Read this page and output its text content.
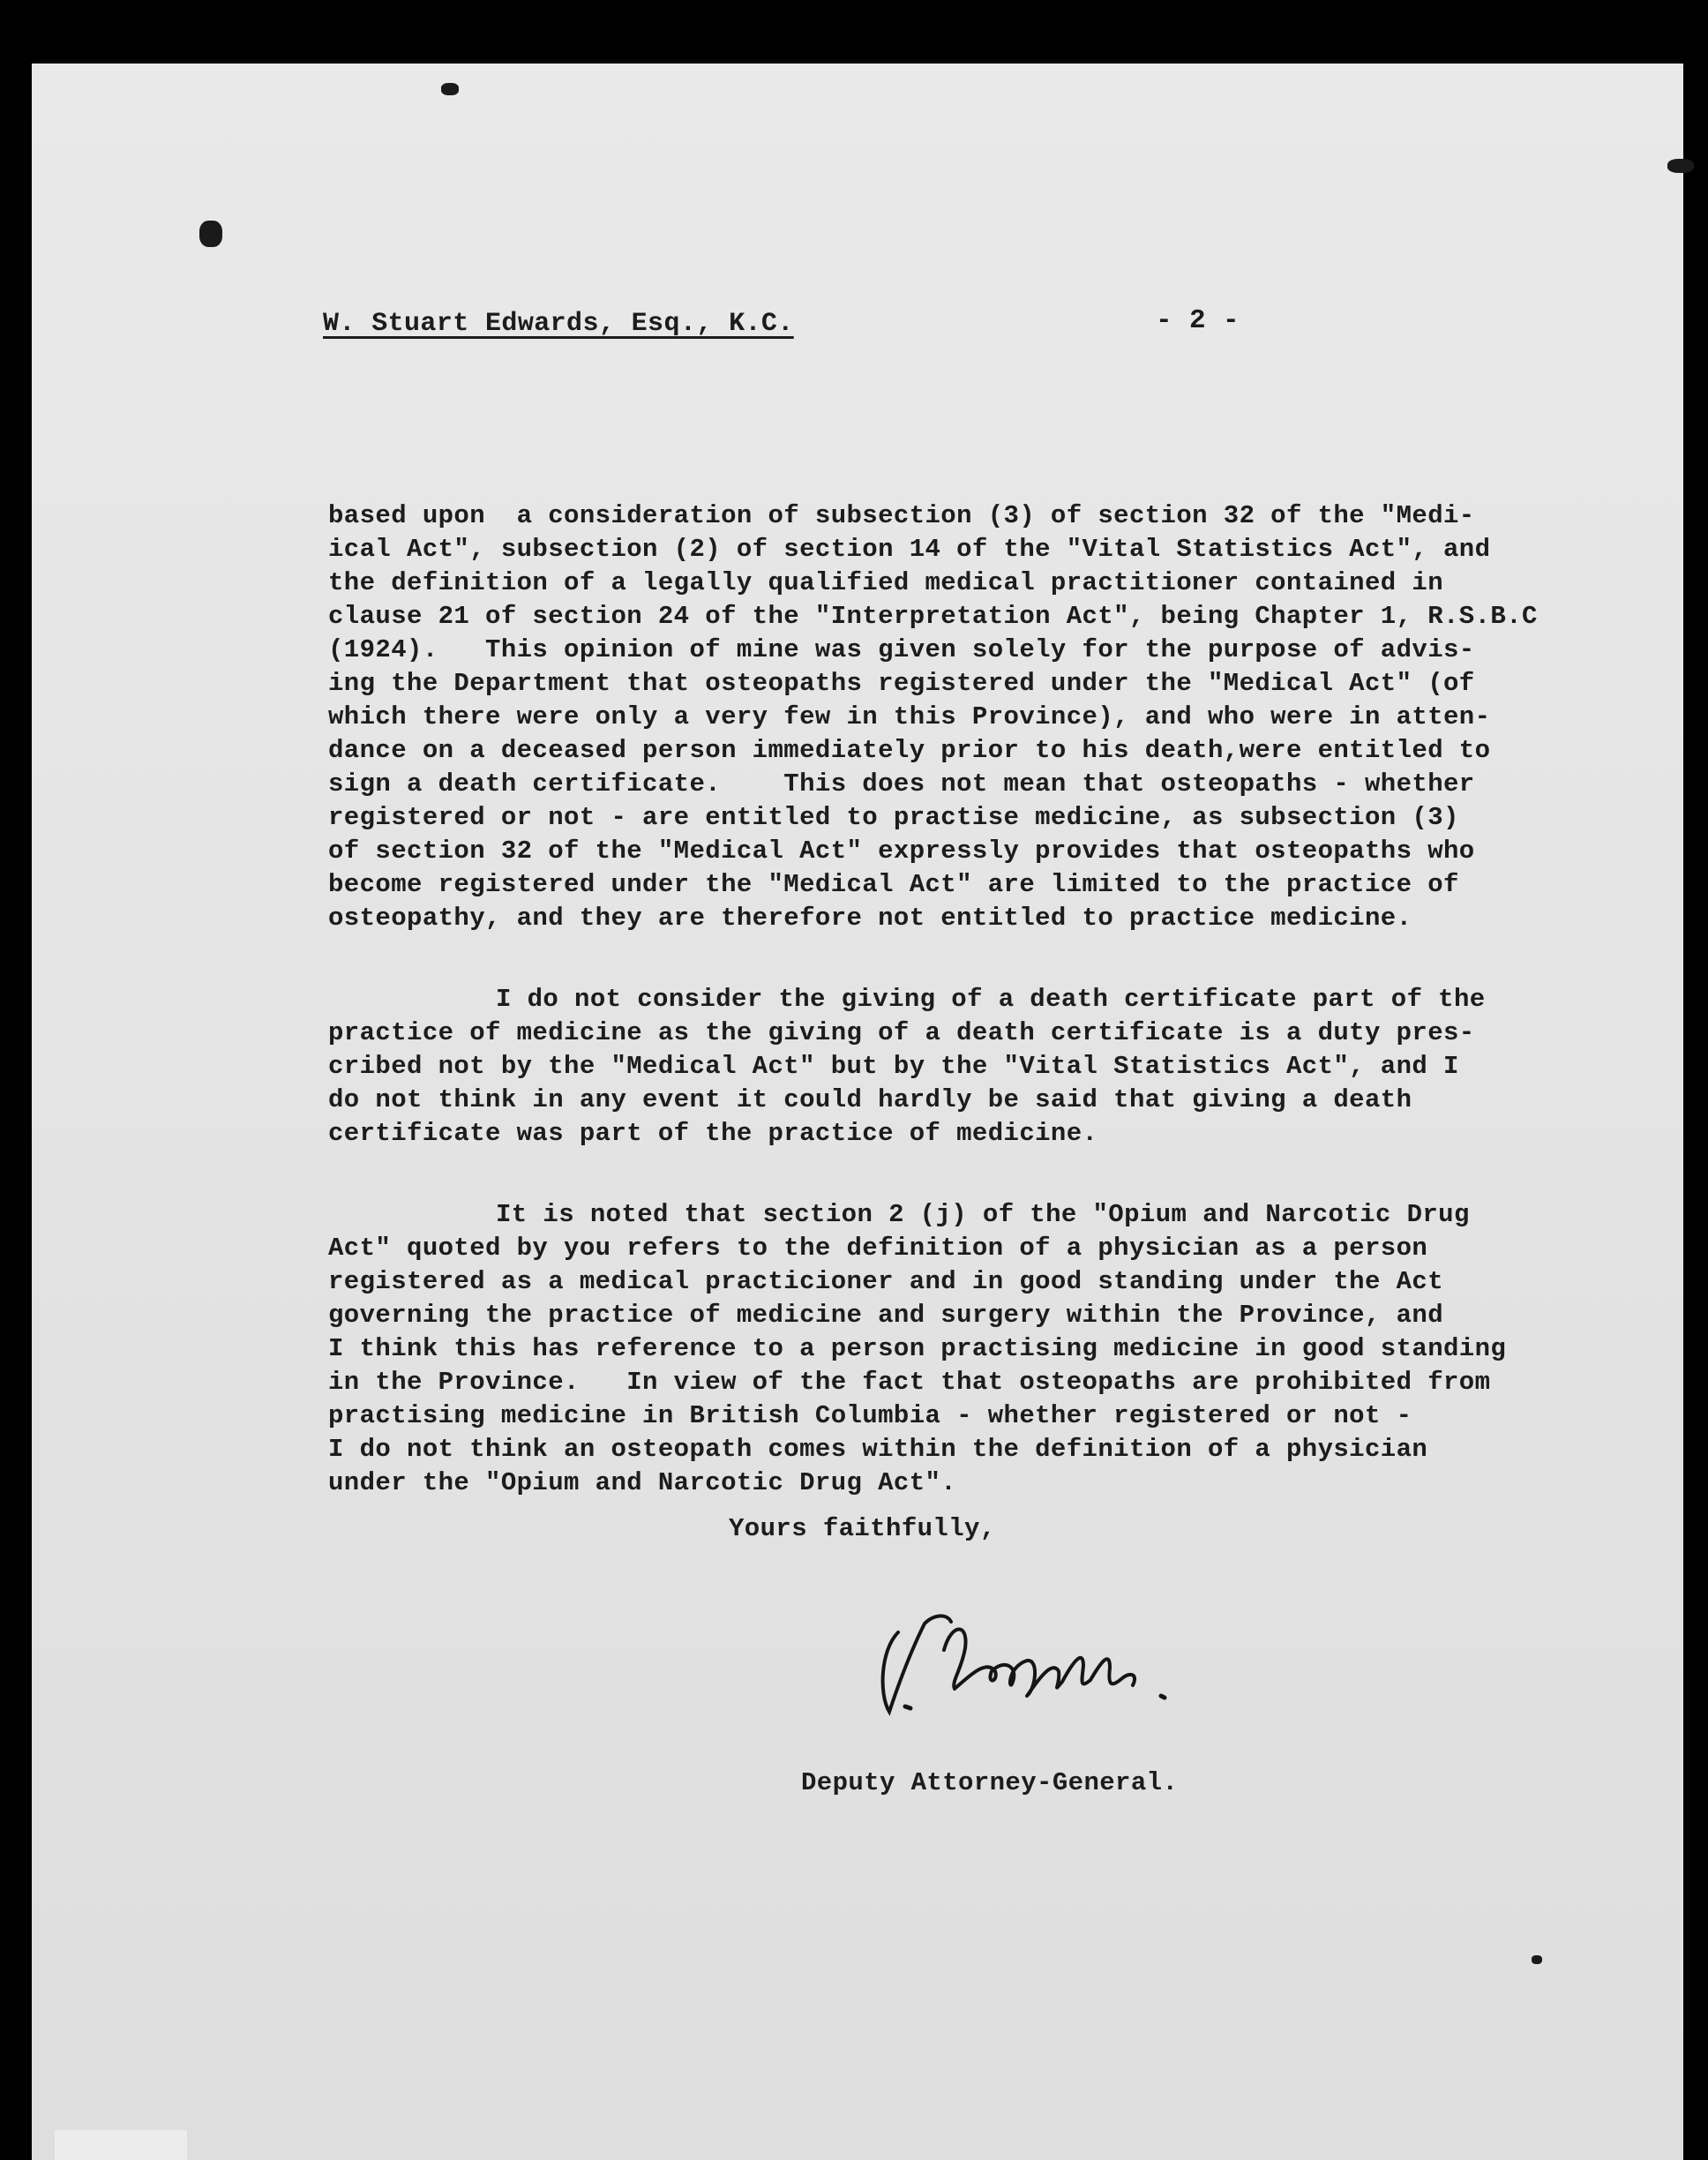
W. Stuart Edwards, Esq., K.C.	- 2 -
based upon  a consideration of subsection (3) of section 32 of the "Medi-
ical Act", subsection (2) of section 14 of the "Vital Statistics Act", and
the definition of a legally qualified medical practitioner contained in
clause 21 of section 24 of the "Interpretation Act", being Chapter 1, R.S.B.C
(1924).   This opinion of mine was given solely for the purpose of advis-
ing the Department that osteopaths registered under the "Medical Act" (of
which there were only a very few in this Province), and who were in atten-
dance on a deceased person immediately prior to his death,were entitled to
sign a death certificate.    This does not mean that osteopaths - whether
registered or not - are entitled to practise medicine, as subsection (3)
of section 32 of the "Medical Act" expressly provides that osteopaths who
become registered under the "Medical Act" are limited to the practice of
osteopathy, and they are therefore not entitled to practice medicine.
I do not consider the giving of a death certificate part of the
practice of medicine as the giving of a death certificate is a duty pres-
cribed not by the "Medical Act" but by the "Vital Statistics Act", and I
do not think in any event it could hardly be said that giving a death
certificate was part of the practice of medicine.
It is noted that section 2 (j) of the "Opium and Narcotic Drug
Act" quoted by you refers to the definition of a physician as a person
registered as a medical practicioner and in good standing under the Act
governing the practice of medicine and surgery within the Province, and
I think this has reference to a person practising medicine in good standing
in the Province.   In view of the fact that osteopaths are prohibited from
practising medicine in British Columbia - whether registered or not -
I do not think an osteopath comes within the definition of a physician
under the "Opium and Narcotic Drug Act".
Yours faithfully,
Deputy Attorney-General.
